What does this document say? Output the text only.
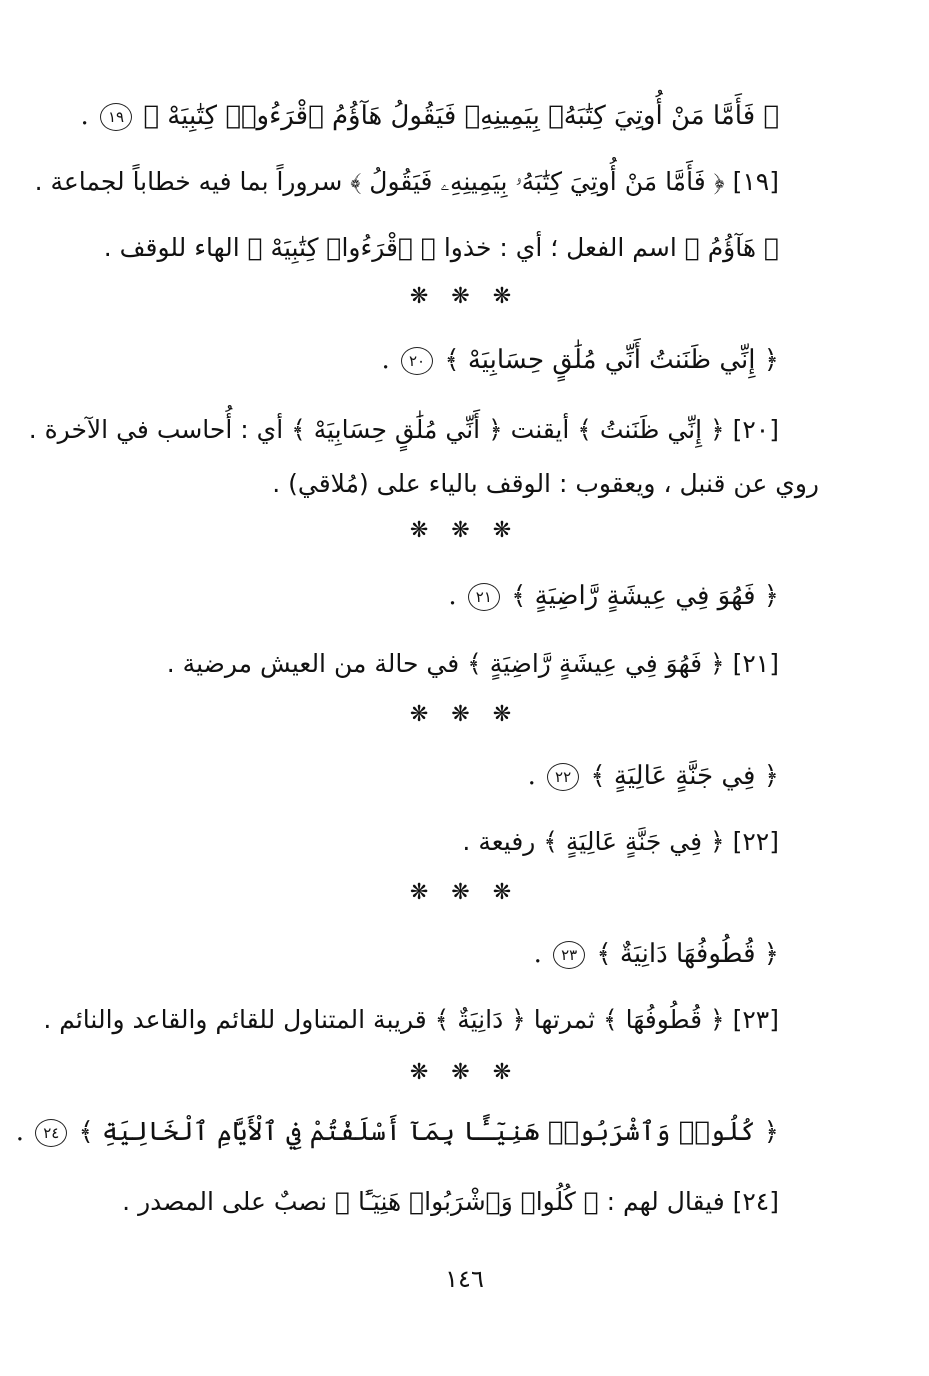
﴿ فَأَمَّا مَنْ أُوتِيَ كِتَٰبَهُۥ بِيَمِينِهِۦ فَيَقُولُ هَآؤُمُ ٱقْرَءُوا۟ كِتَٰبِيَهْ ﴾ ١٩ .
[١٩] ﴿ فَأَمَّا مَنْ أُوتِيَ كِتَٰبَهُۥ بِيَمِينِهِۦ فَيَقُولُ ﴾ سروراً بما فيه خطاباً لجماعة .
﴿ هَآؤُمُ ﴾ اسم الفعل ؛ أي : خذوا ﴿ ٱقْرَءُوا۟ كِتَٰبِيَهْ ﴾ الهاء للوقف .
❋ ❋ ❋
﴿ إِنِّي ظَنَنتُ أَنِّي مُلَٰقٍ حِسَابِيَهْ ﴾ ٢٠ .
[٢٠] ﴿ إِنِّي ظَنَنتُ ﴾ أيقنت ﴿ أَنِّي مُلَٰقٍ حِسَابِيَهْ ﴾ أي : أُحاسب في الآخرة .
روي عن قنبل ، ويعقوب : الوقف بالياء على (مُلاقي) .
❋ ❋ ❋
﴿ فَهُوَ فِي عِيشَةٍ رَّاضِيَةٍ ﴾ ٢١ .
[٢١] ﴿ فَهُوَ فِي عِيشَةٍ رَّاضِيَةٍ ﴾ في حالة من العيش مرضية .
❋ ❋ ❋
﴿ فِي جَنَّةٍ عَالِيَةٍ ﴾ ٢٢ .
[٢٢] ﴿ فِي جَنَّةٍ عَالِيَةٍ ﴾ رفيعة .
❋ ❋ ❋
﴿ قُطُوفُهَا دَانِيَةٌ ﴾ ٢٣ .
[٢٣] ﴿ قُطُوفُهَا ﴾ ثمرتها ﴿ دَانِيَةٌ ﴾ قريبة المتناول للقائم والقاعد والنائم .
❋ ❋ ❋
﴿ كُلُوا۟ وَٱشْرَبُوا۟ هَنِيٓـًٔا بِمَآ أَسْلَفْتُمْ فِي ٱلْأَيَّامِ ٱلْخَالِيَةِ ﴾ ٢٤ .
[٢٤] فيقال لهم : ﴿ كُلُوا۟ وَٱشْرَبُوا۟ هَنِيٓـًٔا ﴾ نصبٌ على المصدر .
١٤٦
